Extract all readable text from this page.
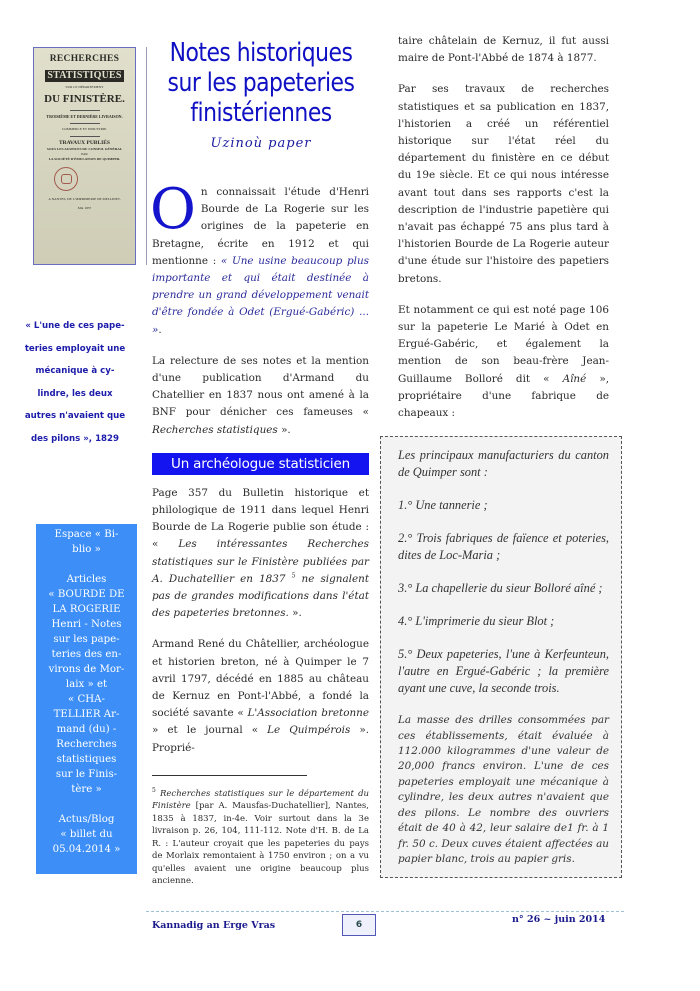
RECHERCHES
STATISTIQUES
SUR LE DÉPARTEMENT
DU FINISTÈRE.
TROISIÈME ET DERNIÈRE LIVRAISON.
COMMERCE ET INDUSTRIE.
TRAVAUX PUBLIÉS
SOUS LES AUSPICES DU CONSEIL GÉNÉRAL
PAR
LA SOCIÉTÉ D'ÉMULATION DE QUIMPER.
A NANTES, DE L'IMPRIMERIE DE MELLINET.
Mai 1837
« L'une de ces pape-
teries employait une
mécanique à cy-
lindre, les deux
autres n'avaient que
des pilons », 1829

Espace « Bi-

blio »

Articles

« BOURDE DE

LA ROGERIE

Henri - Notes

sur les pape-

teries des en-

virons de Mor-

laix » et

« CHA-

TELLIER Ar-

mand (du) -

Recherches

statistiques

sur le Finis-

tère »

Actus/Blog

« billet du

05.04.2014 »

Notes historiques
sur les papeteries
finistériennes
Uzinoù paper
On connaissait l'étude d'Henri Bourde de La Rogerie sur les origines de la papeterie en Bretagne, écrite en 1912 et qui mentionne : « Une usine beaucoup plus importante et qui était destinée à prendre un grand développement venait d'être fondée à Odet (Ergué-Gabéric) ... ».
La relecture de ses notes et la mention d'une publication d'Armand du Chatellier en 1837 nous ont amené à la BNF pour dénicher ces fameuses « Recherches statistiques ».
Un archéologue statisticien
Page 357 du Bulletin historique et philologique de 1911 dans lequel Henri Bourde de La Rogerie publie son étude : « Les intéressantes Recherches statistiques sur le Finistère publiées par A. Duchatellier en 1837 $^5$ ne signalent pas de grandes modifications dans l'état des papeteries bretonnes. ».
Armand René du Châtellier, archéologue et historien breton, né à Quimper le 7 avril 1797, décédé en 1885 au château de Kernuz en Pont-l'Abbé, a fondé la société savante « L'Association bretonne » et le journal « Le Quimpérois ». Proprié-
$^5$ Recherches statistiques sur le département du Finistère [par A. Mausfas-Duchatellier], Nantes, 1835 à 1837, in-4e. Voir surtout dans la 3e livraison p. 26, 104, 111-112. Note d'H. B. de La R. : L'auteur croyait que les papeteries du pays de Morlaix remontaient à 1750 environ ; on a vu qu'elles avaient une origine beaucoup plus ancienne.
taire châtelain de Kernuz, il fut aussi maire de Pont-l'Abbé de 1874 à 1877.
Par ses travaux de recherches statistiques et sa publication en 1837, l'historien a créé un référentiel historique sur l'état réel du département du finistère en ce début du 19e siècle. Et ce qui nous intéresse avant tout dans ses rapports c'est la description de l'industrie papetière qui n'avait pas échappé 75 ans plus tard à l'historien Bourde de La Rogerie auteur d'une étude sur l'histoire des papetiers bretons.
Et notamment ce qui est noté page 106 sur la papeterie Le Marié à Odet en Ergué-Gabéric, et également la mention de son beau-frère Jean-Guillaume Bolloré dit « Aîné », propriétaire d'une fabrique de chapeaux :
Les principaux manufacturiers du canton de Quimper sont :
1.° Une tannerie ;
2.° Trois fabriques de faïence et poteries, dites de Loc-Maria ;
3.° La chapellerie du sieur Bolloré aîné ;
4.° L'imprimerie du sieur Blot ;
5.° Deux papeteries, l'une à Kerfeunteun, l'autre en Ergué-Gabéric ; la première ayant une cuve, la seconde trois.
La masse des drilles consommées par ces établissements, était évaluée à 112.000 kilogrammes d'une valeur de 20,000 francs environ. L'une de ces papeteries employait une mécanique à cylindre, les deux autres n'avaient que des pilons. Le nombre des ouvriers était de 40 à 42, leur salaire de1 fr. à 1 fr. 50 c. Deux cuves étaient affectées au papier blanc, trois au papier gris.
Kannadig an Erge Vras	6	n° 26 ~ juin 2014
